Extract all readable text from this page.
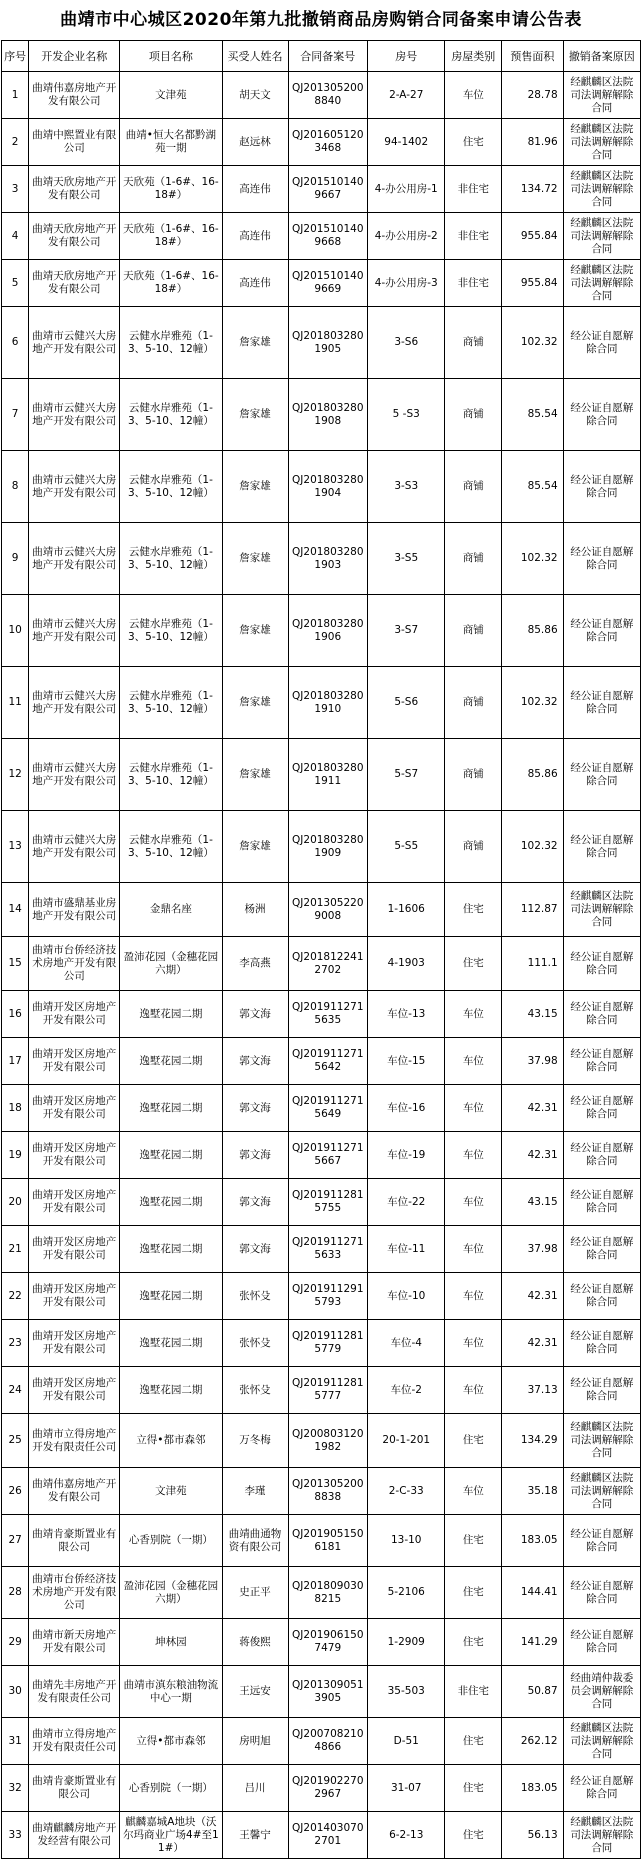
曲靖市中心城区2020年第九批撤销商品房购销合同备案申请公告表
序号	开发企业名称	项目名称	买受人姓名	合同备案号	房号	房屋类别	预售面积	撤销备案原因
1	曲靖伟嘉房地产开发有限公司	文津苑	胡天文	QJ2013052008840	2-A-27	车位	28.78	经麒麟区法院司法调解解除合同
2	曲靖中熙置业有限公司	曲靖•恒大名都黔湖苑一期	赵远林	QJ2016051203468	94-1402	住宅	81.96	经麒麟区法院司法调解解除合同
3	曲靖天欣房地产开发有限公司	天欣苑（1-6#、16-18#）	高连伟	QJ2015101409667	4-办公用房-1	非住宅	134.72	经麒麟区法院司法调解解除合同
4	曲靖天欣房地产开发有限公司	天欣苑（1-6#、16-18#）	高连伟	QJ2015101409668	4-办公用房-2	非住宅	955.84	经麒麟区法院司法调解解除合同
5	曲靖天欣房地产开发有限公司	天欣苑（1-6#、16-18#）	高连伟	QJ2015101409669	4-办公用房-3	非住宅	955.84	经麒麟区法院司法调解解除合同
6	曲靖市云健兴大房地产开发有限公司	云健水岸雅苑（1-3、5-10、12幢）	詹家雄	QJ2018032801905	3-S6	商铺	102.32	经公证自愿解除合同
7	曲靖市云健兴大房地产开发有限公司	云健水岸雅苑（1-3、5-10、12幢）	詹家雄	QJ2018032801908	5 -S3	商铺	85.54	经公证自愿解除合同
8	曲靖市云健兴大房地产开发有限公司	云健水岸雅苑（1-3、5-10、12幢）	詹家雄	QJ2018032801904	3-S3	商铺	85.54	经公证自愿解除合同
9	曲靖市云健兴大房地产开发有限公司	云健水岸雅苑（1-3、5-10、12幢）	詹家雄	QJ2018032801903	3-S5	商铺	102.32	经公证自愿解除合同
10	曲靖市云健兴大房地产开发有限公司	云健水岸雅苑（1-3、5-10、12幢）	詹家雄	QJ2018032801906	3-S7	商铺	85.86	经公证自愿解除合同
11	曲靖市云健兴大房地产开发有限公司	云健水岸雅苑（1-3、5-10、12幢）	詹家雄	QJ2018032801910	5-S6	商铺	102.32	经公证自愿解除合同
12	曲靖市云健兴大房地产开发有限公司	云健水岸雅苑（1-3、5-10、12幢）	詹家雄	QJ2018032801911	5-S7	商铺	85.86	经公证自愿解除合同
13	曲靖市云健兴大房地产开发有限公司	云健水岸雅苑（1-3、5-10、12幢）	詹家雄	QJ2018032801909	5-S5	商铺	102.32	经公证自愿解除合同
14	曲靖市盛鼎基业房地产开发有限公司	金鼎名座	杨洲	QJ2013052209008	1-1606	住宅	112.87	经麒麟区法院司法调解解除合同
15	曲靖市台侨经济技术房地产开发有限公司	盈沛花园（金穗花园六期）	李高燕	QJ2018122412702	4-1903	住宅	111.1	经公证自愿解除合同
16	曲靖开发区房地产开发有限公司	逸墅花园二期	郭文海	QJ2019112715635	车位-13	车位	43.15	经公证自愿解除合同
17	曲靖开发区房地产开发有限公司	逸墅花园二期	郭文海	QJ2019112715642	车位-15	车位	37.98	经公证自愿解除合同
18	曲靖开发区房地产开发有限公司	逸墅花园二期	郭文海	QJ2019112715649	车位-16	车位	42.31	经公证自愿解除合同
19	曲靖开发区房地产开发有限公司	逸墅花园二期	郭文海	QJ2019112715667	车位-19	车位	42.31	经公证自愿解除合同
20	曲靖开发区房地产开发有限公司	逸墅花园二期	郭文海	QJ2019112815755	车位-22	车位	43.15	经公证自愿解除合同
21	曲靖开发区房地产开发有限公司	逸墅花园二期	郭文海	QJ2019112715633	车位-11	车位	37.98	经公证自愿解除合同
22	曲靖开发区房地产开发有限公司	逸墅花园二期	张怀殳	QJ2019112915793	车位-10	车位	42.31	经公证自愿解除合同
23	曲靖开发区房地产开发有限公司	逸墅花园二期	张怀殳	QJ2019112815779	车位-4	车位	42.31	经公证自愿解除合同
24	曲靖开发区房地产开发有限公司	逸墅花园二期	张怀殳	QJ2019112815777	车位-2	车位	37.13	经公证自愿解除合同
25	曲靖市立得房地产开发有限责任公司	立得•都市森邻	万冬梅	QJ2008031201982	20-1-201	住宅	134.29	经麒麟区法院司法调解解除合同
26	曲靖伟嘉房地产开发有限公司	文津苑	李瑾	QJ2013052008838	2-C-33	车位	35.18	经麒麟区法院司法调解解除合同
27	曲靖肯豪斯置业有限公司	心香别院（一期）	曲靖曲通物资有限公司	QJ2019051506181	13-10	住宅	183.05	经公证自愿解除合同
28	曲靖市台侨经济技术房地产开发有限公司	盈沛花园（金穗花园六期）	史正平	QJ2018090308215	5-2106	住宅	144.41	经公证自愿解除合同
29	曲靖市新天房地产开发有限公司	坤林园	蒋俊熙	QJ2019061507479	1-2909	住宅	141.29	经公证自愿解除合同
30	曲靖先丰房地产开发有限责任公司	曲靖市滇东粮油物流中心一期	王远安	QJ2013090513905	35-503	非住宅	50.87	经曲靖仲裁委员会调解解除合同
31	曲靖市立得房地产开发有限责任公司	立得•都市森邻	房明旭	QJ2007082104866	D-51	住宅	262.12	经麒麟区法院司法调解解除合同
32	曲靖肯豪斯置业有限公司	心香别院（一期）	吕川	QJ2019022702967	31-07	住宅	183.05	经公证自愿解除合同
33	曲靖麒麟房地产开发经营有限公司	麒麟嘉城A地块（沃尔玛商业广场4#至11#）	王馨宁	QJ2014030702701	6-2-13	住宅	56.13	经麒麟区法院司法调解解除合同
